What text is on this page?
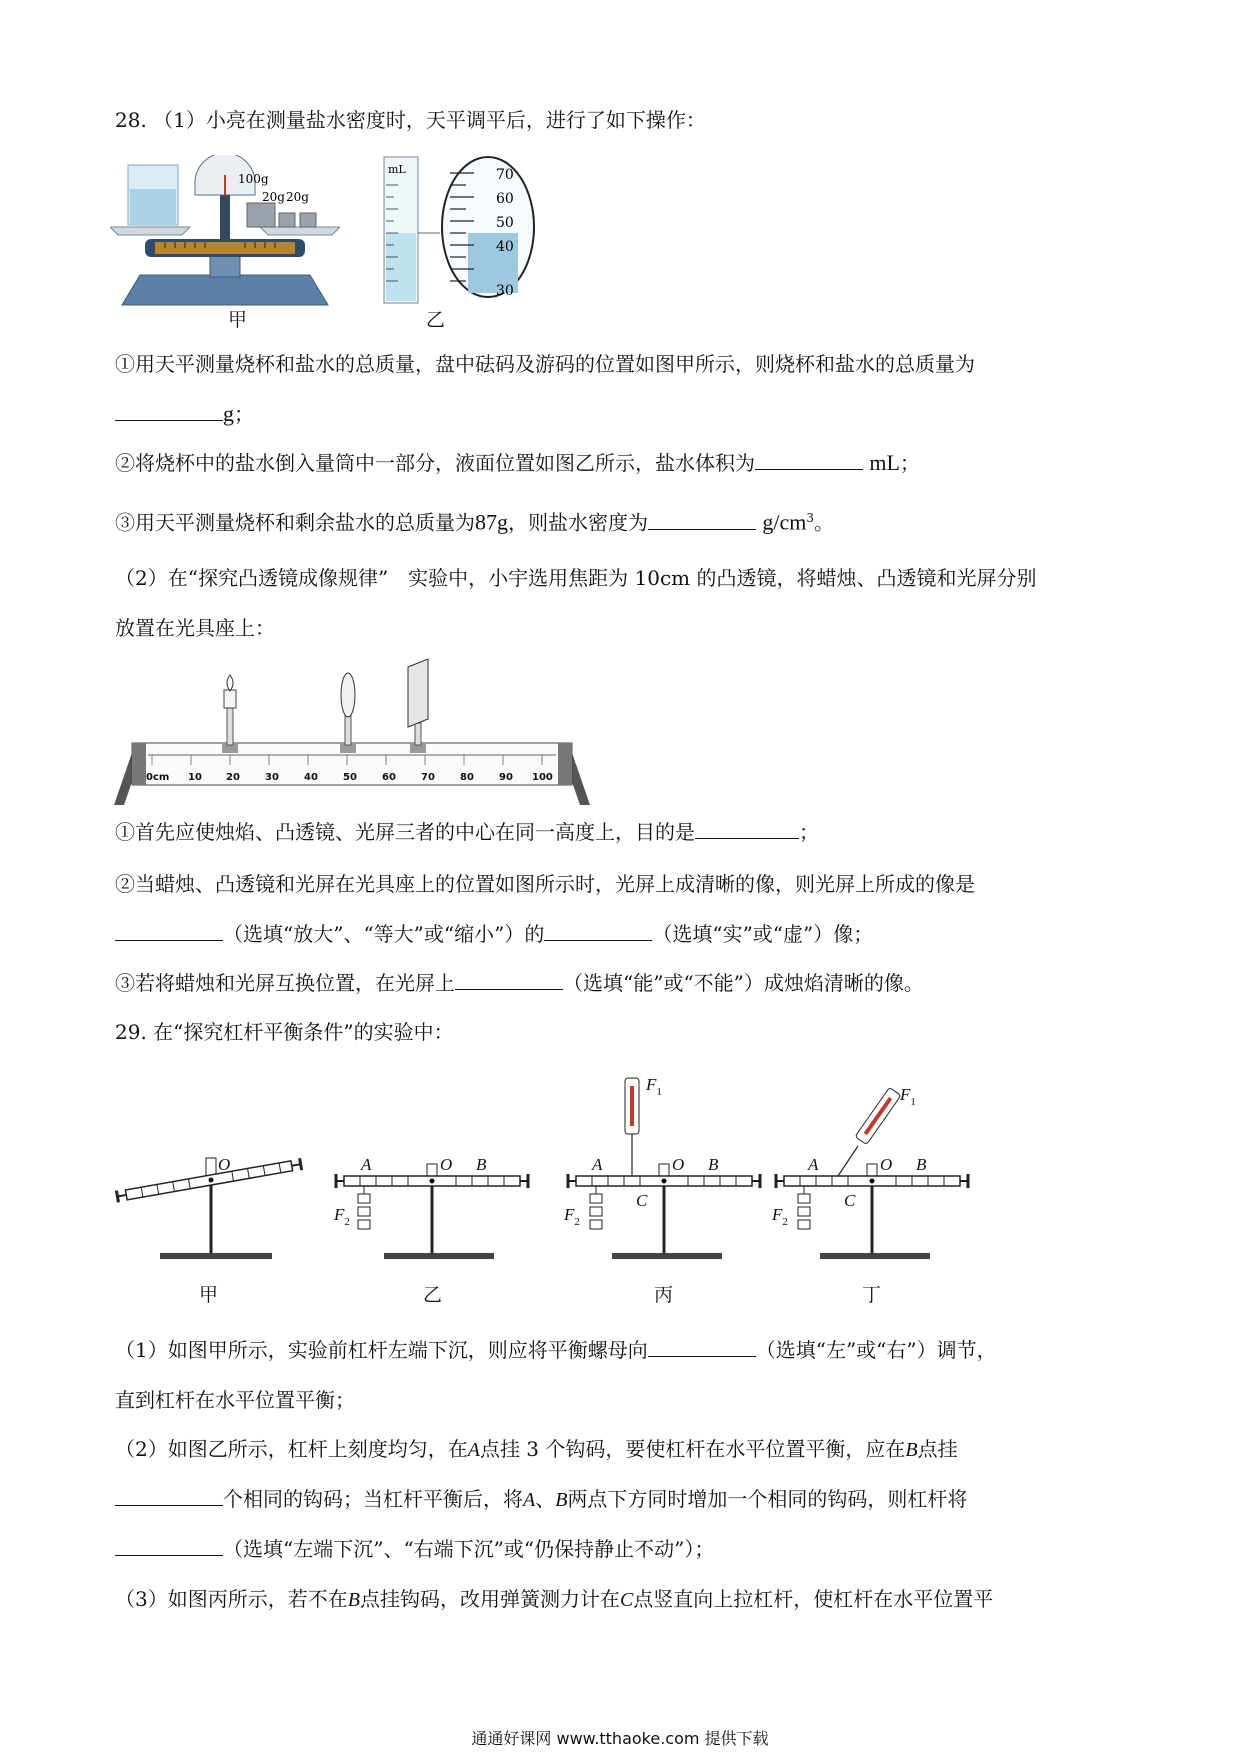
28. （1）小亮在测量盐水密度时，天平调平后，进行了如下操作：
100g
20g 20g
甲
mL	70
60
50
40
30
乙
①用天平测量烧杯和盐水的总质量，盘中砝码及游码的位置如图甲所示，则烧杯和盐水的总质量为
g；
②将烧杯中的盐水倒入量筒中一部分，液面位置如图乙所示，盐水体积为	mL；
③用天平测量烧杯和剩余盐水的总质量为87g，则盐水密度为	$g/cm^3$。
（2）在“探究凸透镜成像规律”　实验中，小宇选用焦距为 10cm 的凸透镜，将蜡烛、凸透镜和光屏分别
放置在光具座上：
0cm 10 20	30	40	50	60	70	80	90 100
①首先应使烛焰、凸透镜、光屏三者的中心在同一高度上，目的是	；
②当蜡烛、凸透镜和光屏在光具座上的位置如图所示时，光屏上成清晰的像，则光屏上所成的像是
（选填“放大”、“等大”或“缩小”）的	（选填“实”或“虚”）像；
③若将蜡烛和光屏互换位置，在光屏上	（选填“能”或“不能”）成烛焰清晰的像。
29. 在“探究杠杆平衡条件”的实验中：
O	A	O B
$F_2$
$F_1$
A
C
O B
$F_2$
$F_1$
A
C
O B
$F_2$
甲	乙	丙	丁
（1）如图甲所示，实验前杠杆左端下沉，则应将平衡螺母向	（选填“左”或“右”）调节，
直到杠杆在水平位置平衡；
（2）如图乙所示，杠杆上刻度均匀，在A点挂 3 个钩码，要使杠杆在水平位置平衡，应在B点挂
个相同的钩码；当杠杆平衡后，将A、B两点下方同时增加一个相同的钩码，则杠杆将
（选填“左端下沉”、“右端下沉”或“仍保持静止不动”）；
（3）如图丙所示，若不在B点挂钩码，改用弹簧测力计在C点竖直向上拉杠杆，使杠杆在水平位置平
通通好课网 www.tthaoke.com 提供下载
